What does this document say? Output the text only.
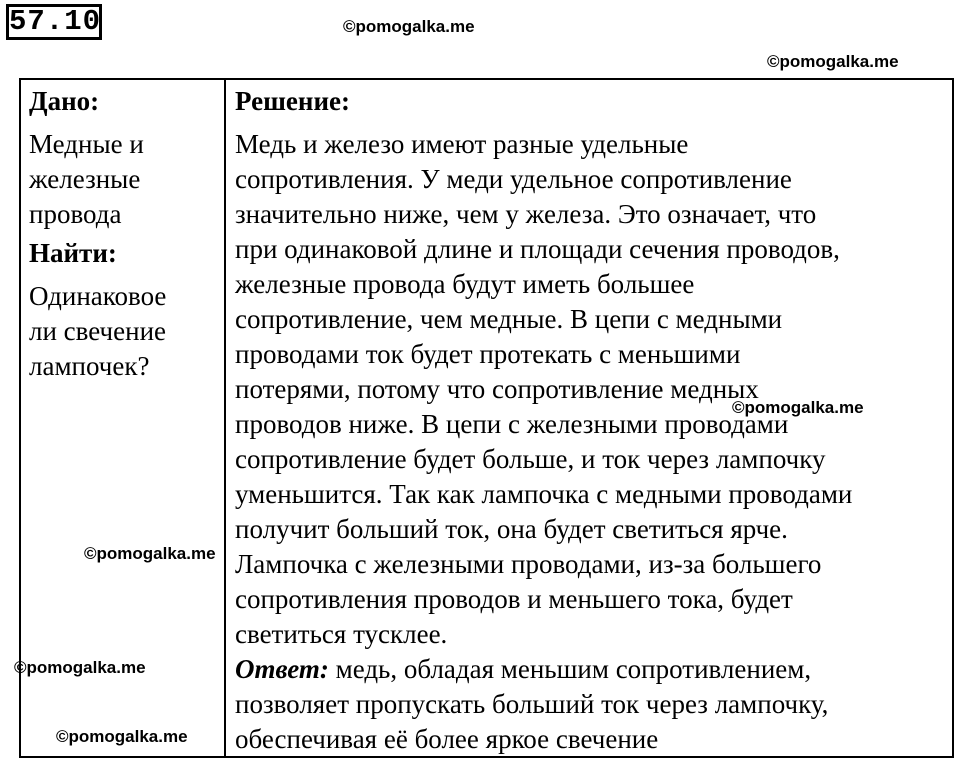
57.10	©pomogalka.me
©pomogalka.me
Дано:
Медные и
железные
провода
Найти:
Одинаковое
ли свечение
лампочек?
Решение:
Медь и железо имеют разные удельные
сопротивления. У меди удельное сопротивление
значительно ниже, чем у железа. Это означает, что
при одинаковой длине и площади сечения проводов,
железные провода будут иметь большее
сопротивление, чем медные. В цепи с медными
проводами ток будет протекать с меньшими
потерями, потому что сопротивление медных
проводов ниже. В цепи с железными проводами
сопротивление будет больше, и ток через лампочку
уменьшится. Так как лампочка с медными проводами
получит больший ток, она будет светиться ярче.
Лампочка с железными проводами, из-за большего
сопротивления проводов и меньшего тока, будет
светиться тусклее.
Ответ: медь, обладая меньшим сопротивлением,
позволяет пропускать больший ток через лампочку,
обеспечивая её более яркое свечение
©pomogalka.me
©pomogalka.me
©pomogalka.me
©pomogalka.me
